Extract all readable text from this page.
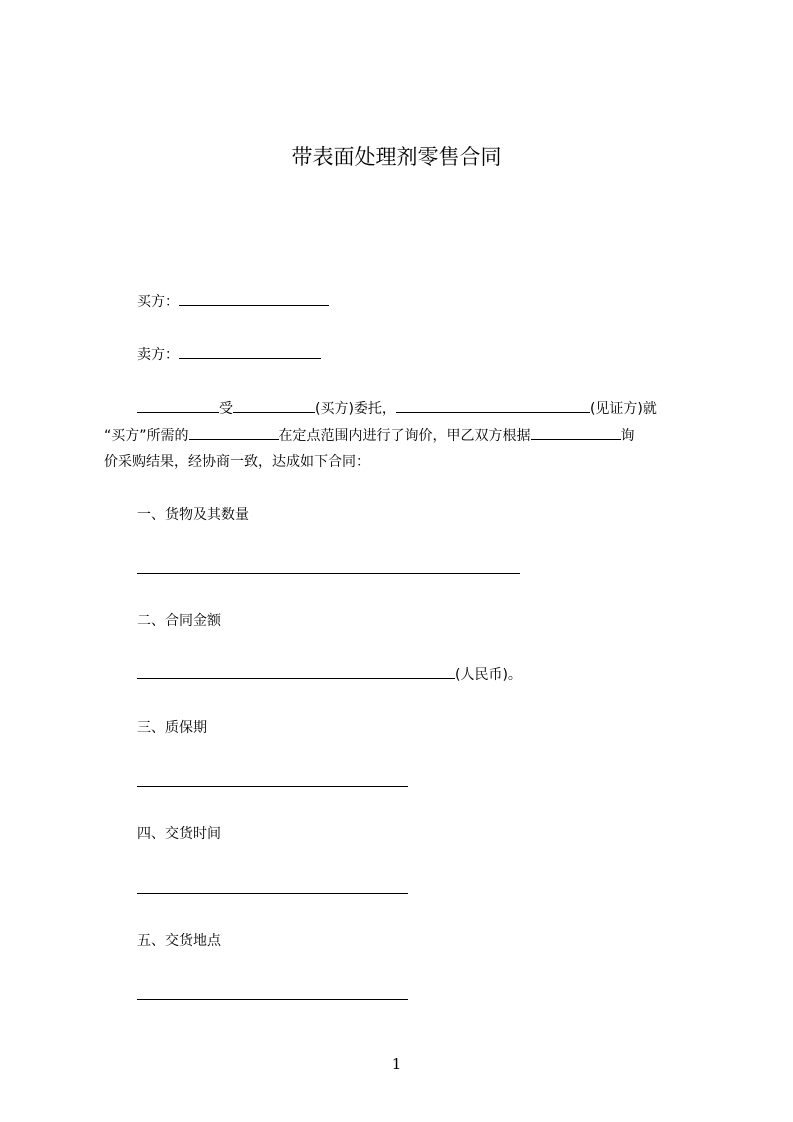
带表面处理剂零售合同
买方：
卖方：
受	(买方)委托，	(见证方)就
“买方”所需的	在定点范围内进行了询价，甲乙双方根据	询
价采购结果，经协商一致，达成如下合同：
一、货物及其数量
二、合同金额
(人民币)。
三、质保期
四、交货时间
五、交货地点
1
